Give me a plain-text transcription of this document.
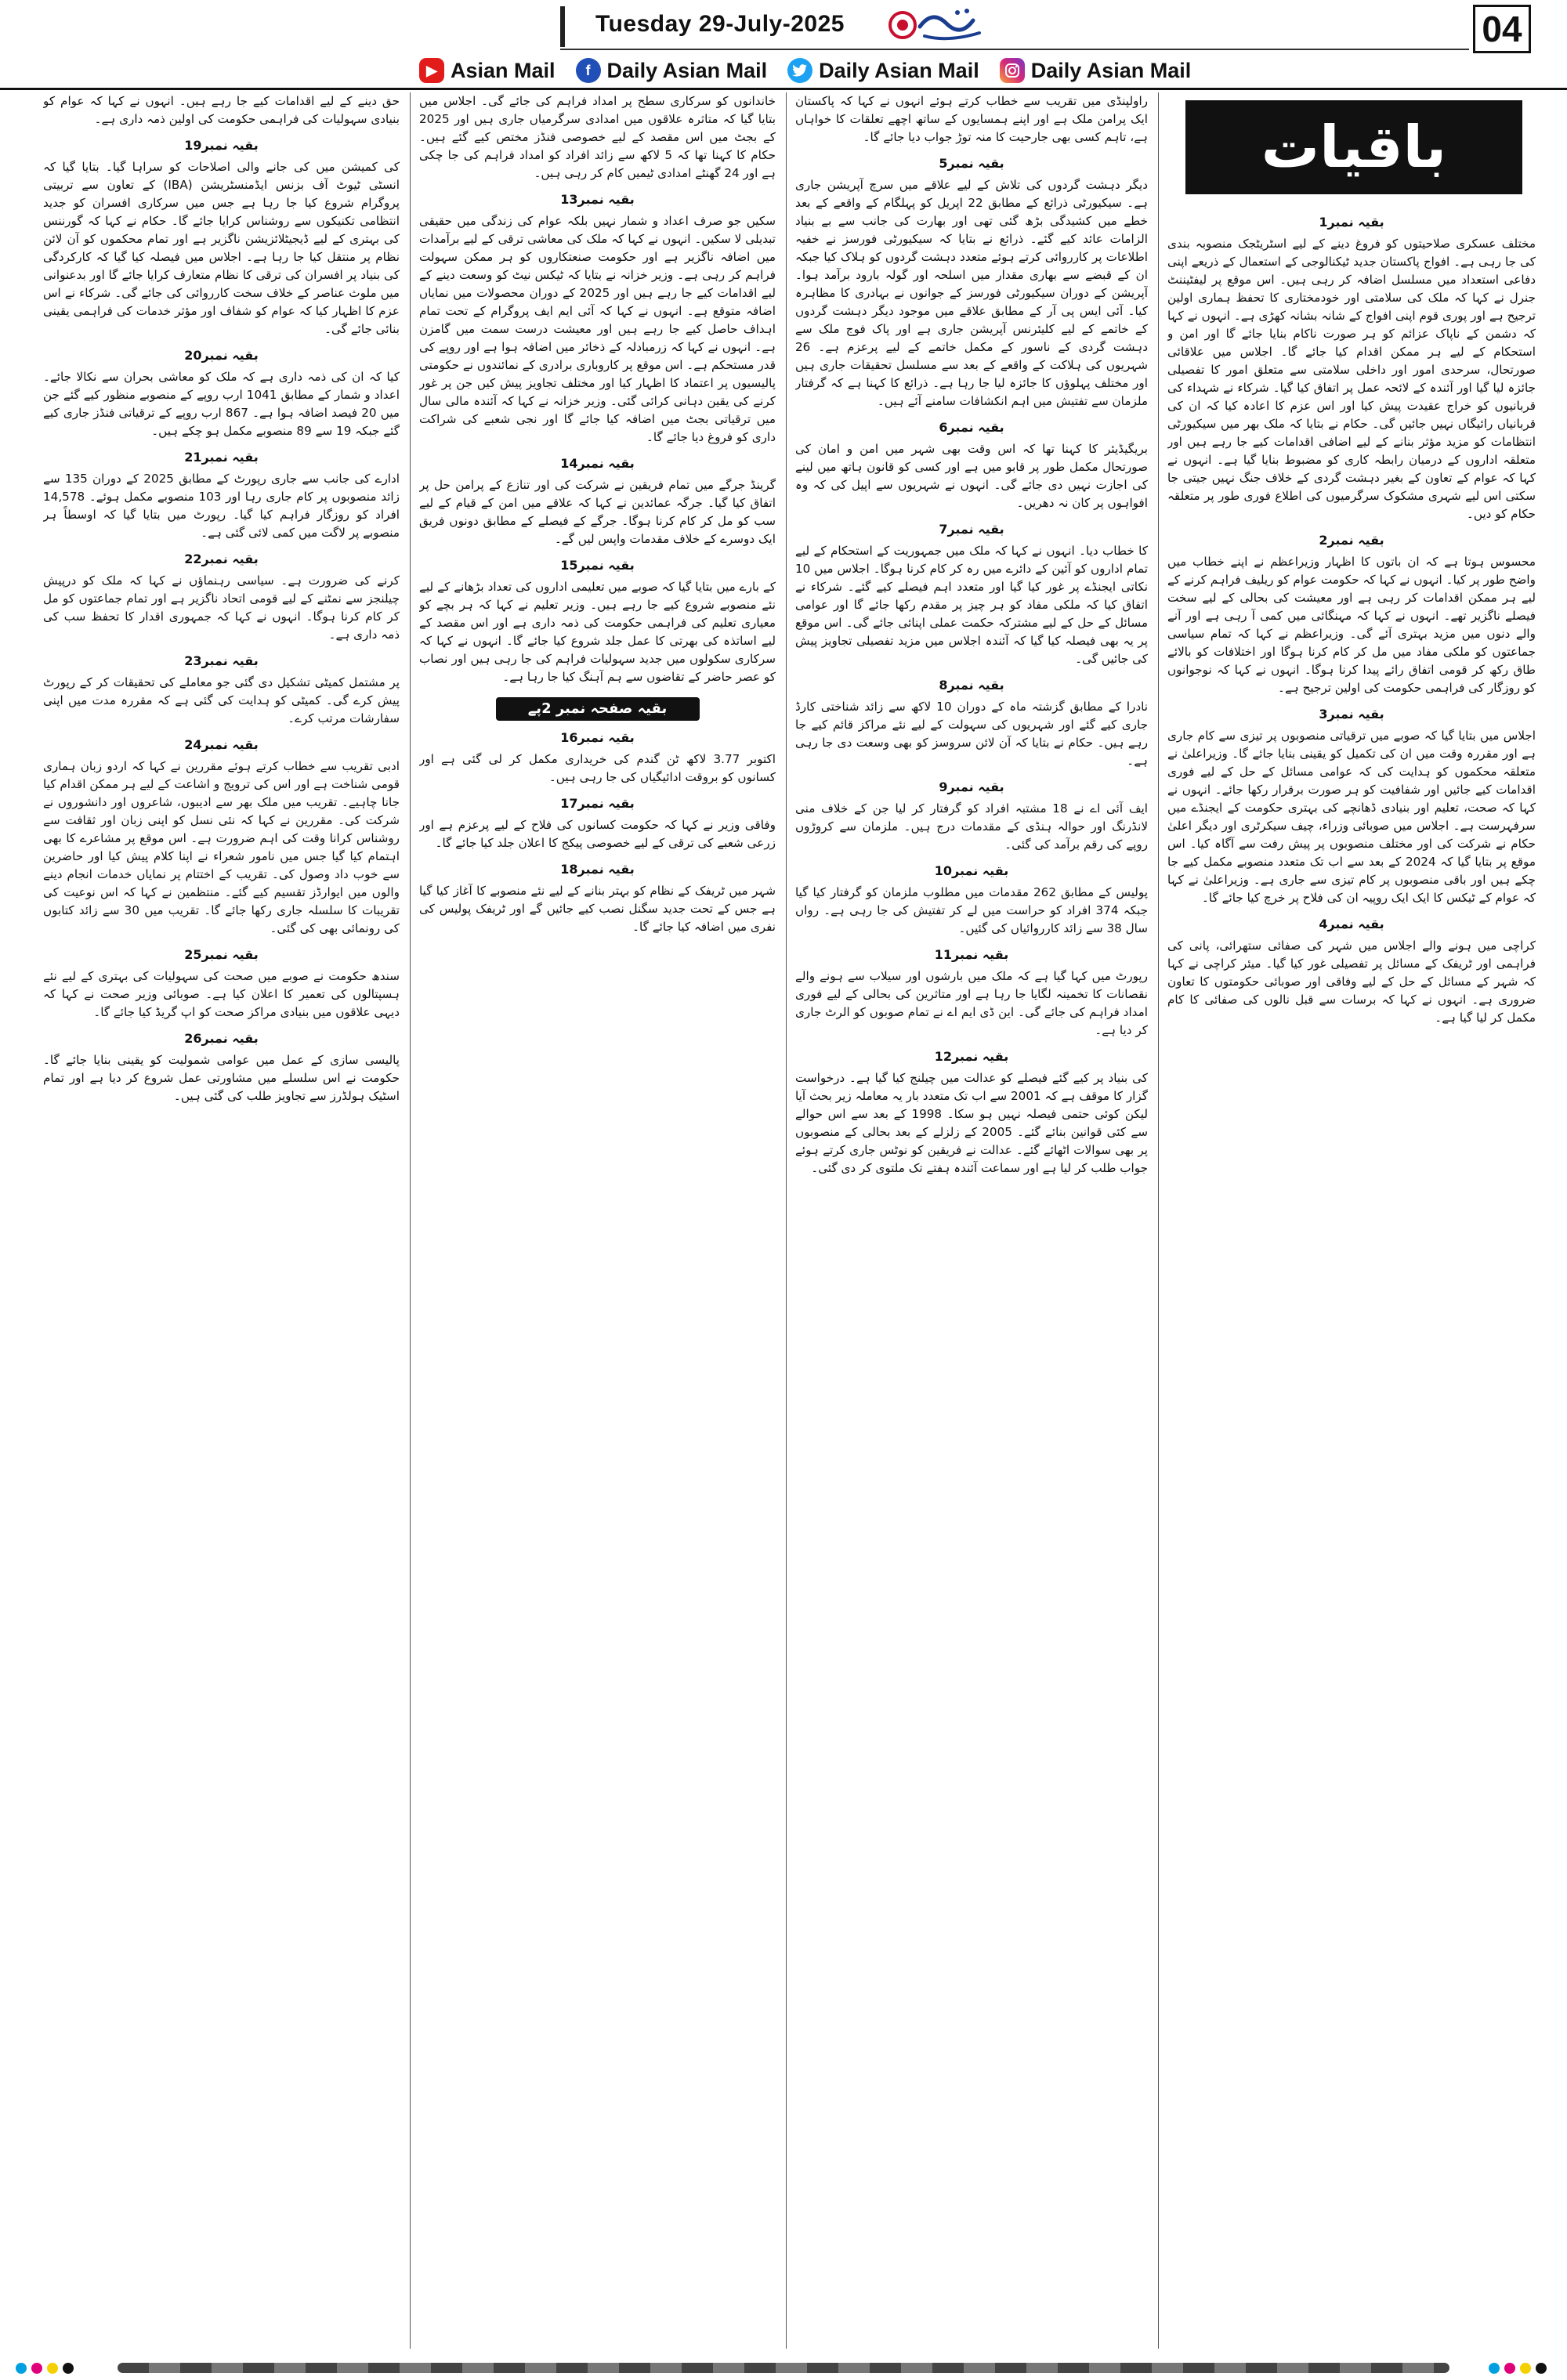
Tuesday 29-July-2025	04
▶ Asian Mail	f Daily Asian Mail Daily Asian Mail Daily Asian Mail
باقیات
بقیہ نمبر1

مختلف عسکری صلاحیتوں کو فروغ دینے کے لیے اسٹریٹجک منصوبہ بندی کی جا رہی ہے۔ افواج پاکستان جدید ٹیکنالوجی کے استعمال کے ذریعے اپنی دفاعی استعداد میں مسلسل اضافہ کر رہی ہیں۔ اس موقع پر لیفٹیننٹ جنرل نے کہا کہ ملک کی سلامتی اور خودمختاری کا تحفظ ہماری اولین ترجیح ہے اور پوری قوم اپنی افواج کے شانہ بشانہ کھڑی ہے۔ انہوں نے کہا کہ دشمن کے ناپاک عزائم کو ہر صورت ناکام بنایا جائے گا اور امن و استحکام کے لیے ہر ممکن اقدام کیا جائے گا۔ اجلاس میں علاقائی صورتحال، سرحدی امور اور داخلی سلامتی سے متعلق امور کا تفصیلی جائزہ لیا گیا اور آئندہ کے لائحہ عمل پر اتفاق کیا گیا۔ شرکاء نے شہداء کی قربانیوں کو خراج عقیدت پیش کیا اور اس عزم کا اعادہ کیا کہ ان کی قربانیاں رائیگاں نہیں جائیں گی۔ حکام نے بتایا کہ ملک بھر میں سیکیورٹی انتظامات کو مزید مؤثر بنانے کے لیے اضافی اقدامات کیے جا رہے ہیں اور متعلقہ اداروں کے درمیان رابطہ کاری کو مضبوط بنایا گیا ہے۔ انہوں نے کہا کہ عوام کے تعاون کے بغیر دہشت گردی کے خلاف جنگ نہیں جیتی جا سکتی اس لیے شہری مشکوک سرگرمیوں کی اطلاع فوری طور پر متعلقہ حکام کو دیں۔

بقیہ نمبر2

محسوس ہوتا ہے کہ ان باتوں کا اظہار وزیراعظم نے اپنے خطاب میں واضح طور پر کیا۔ انہوں نے کہا کہ حکومت عوام کو ریلیف فراہم کرنے کے لیے ہر ممکن اقدامات کر رہی ہے اور معیشت کی بحالی کے لیے سخت فیصلے ناگزیر تھے۔ انہوں نے کہا کہ مہنگائی میں کمی آ رہی ہے اور آنے والے دنوں میں مزید بہتری آئے گی۔ وزیراعظم نے کہا کہ تمام سیاسی جماعتوں کو ملکی مفاد میں مل کر کام کرنا ہوگا اور اختلافات کو بالائے طاق رکھ کر قومی اتفاق رائے پیدا کرنا ہوگا۔ انہوں نے کہا کہ نوجوانوں کو روزگار کی فراہمی حکومت کی اولین ترجیح ہے۔

بقیہ نمبر3

اجلاس میں بتایا گیا کہ صوبے میں ترقیاتی منصوبوں پر تیزی سے کام جاری ہے اور مقررہ وقت میں ان کی تکمیل کو یقینی بنایا جائے گا۔ وزیراعلیٰ نے متعلقہ محکموں کو ہدایت کی کہ عوامی مسائل کے حل کے لیے فوری اقدامات کیے جائیں اور شفافیت کو ہر صورت برقرار رکھا جائے۔ انہوں نے کہا کہ صحت، تعلیم اور بنیادی ڈھانچے کی بہتری حکومت کے ایجنڈے میں سرفہرست ہے۔ اجلاس میں صوبائی وزراء، چیف سیکرٹری اور دیگر اعلیٰ حکام نے شرکت کی اور مختلف منصوبوں پر پیش رفت سے آگاہ کیا۔ اس موقع پر بتایا گیا کہ 2024 کے بعد سے اب تک متعدد منصوبے مکمل کیے جا چکے ہیں اور باقی منصوبوں پر کام تیزی سے جاری ہے۔ وزیراعلیٰ نے کہا کہ عوام کے ٹیکس کا ایک ایک روپیہ ان کی فلاح پر خرچ کیا جائے گا۔

بقیہ نمبر4

کراچی میں ہونے والے اجلاس میں شہر کی صفائی ستھرائی، پانی کی فراہمی اور ٹریفک کے مسائل پر تفصیلی غور کیا گیا۔ میئر کراچی نے کہا کہ شہر کے مسائل کے حل کے لیے وفاقی اور صوبائی حکومتوں کا تعاون ضروری ہے۔ انہوں نے کہا کہ برسات سے قبل نالوں کی صفائی کا کام مکمل کر لیا گیا ہے۔

راولپنڈی میں تقریب سے خطاب کرتے ہوئے انہوں نے کہا کہ پاکستان ایک پرامن ملک ہے اور اپنے ہمسایوں کے ساتھ اچھے تعلقات کا خواہاں ہے، تاہم کسی بھی جارحیت کا منہ توڑ جواب دیا جائے گا۔

بقیہ نمبر5

دیگر دہشت گردوں کی تلاش کے لیے علاقے میں سرچ آپریشن جاری ہے۔ سیکیورٹی ذرائع کے مطابق 22 اپریل کو پہلگام کے واقعے کے بعد خطے میں کشیدگی بڑھ گئی تھی اور بھارت کی جانب سے بے بنیاد الزامات عائد کیے گئے۔ ذرائع نے بتایا کہ سیکیورٹی فورسز نے خفیہ اطلاعات پر کارروائی کرتے ہوئے متعدد دہشت گردوں کو ہلاک کیا جبکہ ان کے قبضے سے بھاری مقدار میں اسلحہ اور گولہ بارود برآمد ہوا۔ آپریشن کے دوران سیکیورٹی فورسز کے جوانوں نے بہادری کا مظاہرہ کیا۔ آئی ایس پی آر کے مطابق علاقے میں موجود دیگر دہشت گردوں کے خاتمے کے لیے کلیئرنس آپریشن جاری ہے اور پاک فوج ملک سے دہشت گردی کے ناسور کے مکمل خاتمے کے لیے پرعزم ہے۔ 26 شہریوں کی ہلاکت کے واقعے کے بعد سے مسلسل تحقیقات جاری ہیں اور مختلف پہلوؤں کا جائزہ لیا جا رہا ہے۔ ذرائع کا کہنا ہے کہ گرفتار ملزمان سے تفتیش میں اہم انکشافات سامنے آئے ہیں۔

بقیہ نمبر6

بریگیڈیئر کا کہنا تھا کہ اس وقت بھی شہر میں امن و امان کی صورتحال مکمل طور پر قابو میں ہے اور کسی کو قانون ہاتھ میں لینے کی اجازت نہیں دی جائے گی۔ انہوں نے شہریوں سے اپیل کی کہ وہ افواہوں پر کان نہ دھریں۔

بقیہ نمبر7

کا خطاب دیا۔ انہوں نے کہا کہ ملک میں جمہوریت کے استحکام کے لیے تمام اداروں کو آئین کے دائرے میں رہ کر کام کرنا ہوگا۔ اجلاس میں 10 نکاتی ایجنڈے پر غور کیا گیا اور متعدد اہم فیصلے کیے گئے۔ شرکاء نے اتفاق کیا کہ ملکی مفاد کو ہر چیز پر مقدم رکھا جائے گا اور عوامی مسائل کے حل کے لیے مشترکہ حکمت عملی اپنائی جائے گی۔ اس موقع پر یہ بھی فیصلہ کیا گیا کہ آئندہ اجلاس میں مزید تفصیلی تجاویز پیش کی جائیں گی۔

بقیہ نمبر8

نادرا کے مطابق گزشتہ ماہ کے دوران 10 لاکھ سے زائد شناختی کارڈ جاری کیے گئے اور شہریوں کی سہولت کے لیے نئے مراکز قائم کیے جا رہے ہیں۔ حکام نے بتایا کہ آن لائن سروسز کو بھی وسعت دی جا رہی ہے۔

بقیہ نمبر9

ایف آئی اے نے 18 مشتبہ افراد کو گرفتار کر لیا جن کے خلاف منی لانڈرنگ اور حوالہ ہنڈی کے مقدمات درج ہیں۔ ملزمان سے کروڑوں روپے کی رقم برآمد کی گئی۔

بقیہ نمبر10

پولیس کے مطابق 262 مقدمات میں مطلوب ملزمان کو گرفتار کیا گیا جبکہ 374 افراد کو حراست میں لے کر تفتیش کی جا رہی ہے۔ رواں سال 38 سے زائد کارروائیاں کی گئیں۔

بقیہ نمبر11

رپورٹ میں کہا گیا ہے کہ ملک میں بارشوں اور سیلاب سے ہونے والے نقصانات کا تخمینہ لگایا جا رہا ہے اور متاثرین کی بحالی کے لیے فوری امداد فراہم کی جائے گی۔ این ڈی ایم اے نے تمام صوبوں کو الرٹ جاری کر دیا ہے۔

بقیہ نمبر12

کی بنیاد پر کیے گئے فیصلے کو عدالت میں چیلنج کیا گیا ہے۔ درخواست گزار کا موقف ہے کہ 2001 سے اب تک متعدد بار یہ معاملہ زیر بحث آیا لیکن کوئی حتمی فیصلہ نہیں ہو سکا۔ 1998 کے بعد سے اس حوالے سے کئی قوانین بنائے گئے۔ 2005 کے زلزلے کے بعد بحالی کے منصوبوں پر بھی سوالات اٹھائے گئے۔ عدالت نے فریقین کو نوٹس جاری کرتے ہوئے جواب طلب کر لیا ہے اور سماعت آئندہ ہفتے تک ملتوی کر دی گئی۔

خاندانوں کو سرکاری سطح پر امداد فراہم کی جائے گی۔ اجلاس میں بتایا گیا کہ متاثرہ علاقوں میں امدادی سرگرمیاں جاری ہیں اور 2025 کے بجٹ میں اس مقصد کے لیے خصوصی فنڈز مختص کیے گئے ہیں۔ حکام کا کہنا تھا کہ 5 لاکھ سے زائد افراد کو امداد فراہم کی جا چکی ہے اور 24 گھنٹے امدادی ٹیمیں کام کر رہی ہیں۔

بقیہ نمبر13

سکیں جو صرف اعداد و شمار نہیں بلکہ عوام کی زندگی میں حقیقی تبدیلی لا سکیں۔ انہوں نے کہا کہ ملک کی معاشی ترقی کے لیے برآمدات میں اضافہ ناگزیر ہے اور حکومت صنعتکاروں کو ہر ممکن سہولت فراہم کر رہی ہے۔ وزیر خزانہ نے بتایا کہ ٹیکس نیٹ کو وسعت دینے کے لیے اقدامات کیے جا رہے ہیں اور 2025 کے دوران محصولات میں نمایاں اضافہ متوقع ہے۔ انہوں نے کہا کہ آئی ایم ایف پروگرام کے تحت تمام اہداف حاصل کیے جا رہے ہیں اور معیشت درست سمت میں گامزن ہے۔ انہوں نے کہا کہ زرمبادلہ کے ذخائر میں اضافہ ہوا ہے اور روپے کی قدر مستحکم ہے۔ اس موقع پر کاروباری برادری کے نمائندوں نے حکومتی پالیسیوں پر اعتماد کا اظہار کیا اور مختلف تجاویز پیش کیں جن پر غور کرنے کی یقین دہانی کرائی گئی۔ وزیر خزانہ نے کہا کہ آئندہ مالی سال میں ترقیاتی بجٹ میں اضافہ کیا جائے گا اور نجی شعبے کی شراکت داری کو فروغ دیا جائے گا۔

بقیہ نمبر14

گرینڈ جرگے میں تمام فریقین نے شرکت کی اور تنازع کے پرامن حل پر اتفاق کیا گیا۔ جرگہ عمائدین نے کہا کہ علاقے میں امن کے قیام کے لیے سب کو مل کر کام کرنا ہوگا۔ جرگے کے فیصلے کے مطابق دونوں فریق ایک دوسرے کے خلاف مقدمات واپس لیں گے۔

بقیہ نمبر15

کے بارے میں بتایا گیا کہ صوبے میں تعلیمی اداروں کی تعداد بڑھانے کے لیے نئے منصوبے شروع کیے جا رہے ہیں۔ وزیر تعلیم نے کہا کہ ہر بچے کو معیاری تعلیم کی فراہمی حکومت کی ذمہ داری ہے اور اس مقصد کے لیے اساتذہ کی بھرتی کا عمل جلد شروع کیا جائے گا۔ انہوں نے کہا کہ سرکاری سکولوں میں جدید سہولیات فراہم کی جا رہی ہیں اور نصاب کو عصر حاضر کے تقاضوں سے ہم آہنگ کیا جا رہا ہے۔

بقیہ صفحہ نمبر 2پے
بقیہ نمبر16

اکتوبر 3.77 لاکھ ٹن گندم کی خریداری مکمل کر لی گئی ہے اور کسانوں کو بروقت ادائیگیاں کی جا رہی ہیں۔

بقیہ نمبر17

وفاقی وزیر نے کہا کہ حکومت کسانوں کی فلاح کے لیے پرعزم ہے اور زرعی شعبے کی ترقی کے لیے خصوصی پیکج کا اعلان جلد کیا جائے گا۔

بقیہ نمبر18

شہر میں ٹریفک کے نظام کو بہتر بنانے کے لیے نئے منصوبے کا آغاز کیا گیا ہے جس کے تحت جدید سگنل نصب کیے جائیں گے اور ٹریفک پولیس کی نفری میں اضافہ کیا جائے گا۔

حق دینے کے لیے اقدامات کیے جا رہے ہیں۔ انہوں نے کہا کہ عوام کو بنیادی سہولیات کی فراہمی حکومت کی اولین ذمہ داری ہے۔

بقیہ نمبر19

کی کمیشن میں کی جانے والی اصلاحات کو سراہا گیا۔ بتایا گیا کہ انسٹی ٹیوٹ آف بزنس ایڈمنسٹریشن (IBA) کے تعاون سے تربیتی پروگرام شروع کیا جا رہا ہے جس میں سرکاری افسران کو جدید انتظامی تکنیکوں سے روشناس کرایا جائے گا۔ حکام نے کہا کہ گورننس کی بہتری کے لیے ڈیجیٹلائزیشن ناگزیر ہے اور تمام محکموں کو آن لائن نظام پر منتقل کیا جا رہا ہے۔ اجلاس میں فیصلہ کیا گیا کہ کارکردگی کی بنیاد پر افسران کی ترقی کا نظام متعارف کرایا جائے گا اور بدعنوانی میں ملوث عناصر کے خلاف سخت کارروائی کی جائے گی۔ شرکاء نے اس عزم کا اظہار کیا کہ عوام کو شفاف اور مؤثر خدمات کی فراہمی یقینی بنائی جائے گی۔

بقیہ نمبر20

کیا کہ ان کی ذمہ داری ہے کہ ملک کو معاشی بحران سے نکالا جائے۔ اعداد و شمار کے مطابق 1041 ارب روپے کے منصوبے منظور کیے گئے جن میں 20 فیصد اضافہ ہوا ہے۔ 867 ارب روپے کے ترقیاتی فنڈز جاری کیے گئے جبکہ 19 سے 89 منصوبے مکمل ہو چکے ہیں۔

بقیہ نمبر21

ادارے کی جانب سے جاری رپورٹ کے مطابق 2025 کے دوران 135 سے زائد منصوبوں پر کام جاری رہا اور 103 منصوبے مکمل ہوئے۔ 14,578 افراد کو روزگار فراہم کیا گیا۔ رپورٹ میں بتایا گیا کہ اوسطاً ہر منصوبے پر لاگت میں کمی لائی گئی ہے۔

بقیہ نمبر22

کرنے کی ضرورت ہے۔ سیاسی رہنماؤں نے کہا کہ ملک کو درپیش چیلنجز سے نمٹنے کے لیے قومی اتحاد ناگزیر ہے اور تمام جماعتوں کو مل کر کام کرنا ہوگا۔ انہوں نے کہا کہ جمہوری اقدار کا تحفظ سب کی ذمہ داری ہے۔

بقیہ نمبر23

پر مشتمل کمیٹی تشکیل دی گئی جو معاملے کی تحقیقات کر کے رپورٹ پیش کرے گی۔ کمیٹی کو ہدایت کی گئی ہے کہ مقررہ مدت میں اپنی سفارشات مرتب کرے۔

بقیہ نمبر24

ادبی تقریب سے خطاب کرتے ہوئے مقررین نے کہا کہ اردو زبان ہماری قومی شناخت ہے اور اس کی ترویج و اشاعت کے لیے ہر ممکن اقدام کیا جانا چاہیے۔ تقریب میں ملک بھر سے ادیبوں، شاعروں اور دانشوروں نے شرکت کی۔ مقررین نے کہا کہ نئی نسل کو اپنی زبان اور ثقافت سے روشناس کرانا وقت کی اہم ضرورت ہے۔ اس موقع پر مشاعرے کا بھی اہتمام کیا گیا جس میں نامور شعراء نے اپنا کلام پیش کیا اور حاضرین سے خوب داد وصول کی۔ تقریب کے اختتام پر نمایاں خدمات انجام دینے والوں میں ایوارڈز تقسیم کیے گئے۔ منتظمین نے کہا کہ اس نوعیت کی تقریبات کا سلسلہ جاری رکھا جائے گا۔ تقریب میں 30 سے زائد کتابوں کی رونمائی بھی کی گئی۔

بقیہ نمبر25

سندھ حکومت نے صوبے میں صحت کی سہولیات کی بہتری کے لیے نئے ہسپتالوں کی تعمیر کا اعلان کیا ہے۔ صوبائی وزیر صحت نے کہا کہ دیہی علاقوں میں بنیادی مراکز صحت کو اپ گریڈ کیا جائے گا۔

بقیہ نمبر26

پالیسی سازی کے عمل میں عوامی شمولیت کو یقینی بنایا جائے گا۔ حکومت نے اس سلسلے میں مشاورتی عمل شروع کر دیا ہے اور تمام اسٹیک ہولڈرز سے تجاویز طلب کی گئی ہیں۔
